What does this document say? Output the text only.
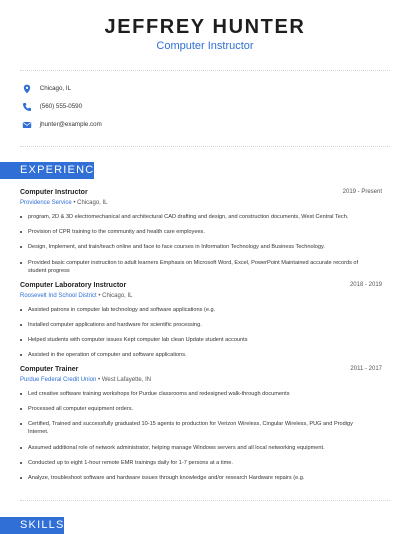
JEFFREY HUNTER
Computer Instructor
Chicago, IL
(560) 555-0590
jhunter@example.com
EXPERIENCE
Computer Instructor	2019 - Present
Providence Service • Chicago, IL
program, 2D & 3D electromechanical and architectural CAD drafting and design, and construction documents, West Central Tech.
Provision of CPR training to the community and health care employees.
Design, Implement, and train/teach online and face to face courses in Information Technology and Business Technology.
Provided basic computer instruction to adult learners Emphasis on Microsoft Word, Excel, PowerPoint Maintained accurate records of student progress
Computer Laboratory Instructor	2018 - 2019
Roosevelt Ind School District • Chicago, IL
Assisted patrons in computer lab technology and software applications (e.g.
Installed computer applications and hardware for scientific processing.
Helped students with computer issues Kept computer lab clean Update student accounts
Assisted in the operation of computer and software applications.
Computer Trainer	2011 - 2017
Purdue Federal Credit Union • West Lafayette, IN
Led creative software training workshops for Purdue classrooms and redesigned walk-through documents
Processed all computer equipment orders.
Certified, Trained and successfully graduated 10-15 agents to production for Verizon Wireless, Cingular Wireless, PUG and Prodigy Internet.
Assumed additional role of network administrator, helping manage Windows servers and all local networking equipment.
Conducted up to eight 1-hour remote EMR trainings daily for 1-7 persons at a time.
Analyze, troubleshoot software and hardware issues through knowledge and/or research Hardware repairs (e.g.
SKILLS
